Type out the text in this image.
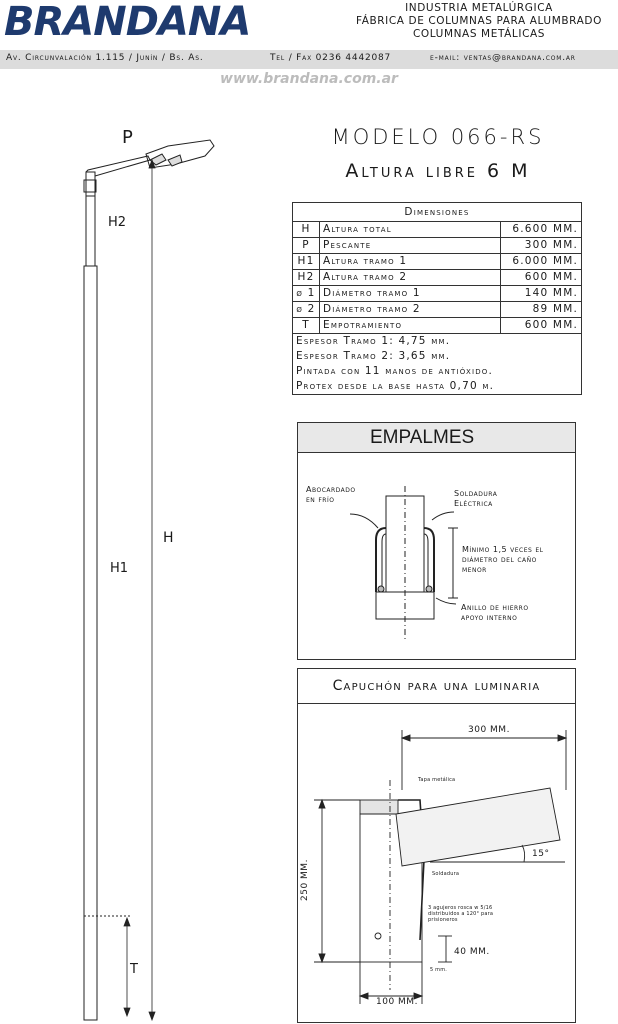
BRANDANA	INDUSTRIA METALÚRGICA
FÁBRICA DE COLUMNAS PARA ALUMBRADO
COLUMNAS METÁLICAS
Av. Circunvalación 1.115 / Junín / Bs. As.	Tel / Fax 0236 4442087	e-mail: ventas@brandana.com.ar
www.brandana.com.ar
P
H2
H
H1
T
MODELO 066-RS
Altura libre 6 M
Dimensiones		
H	Altura total	6.600 MM.
P	Pescante	300 MM.
H1	Altura tramo 1	6.000 MM.
H2	Altura tramo 2	600 MM.
ø 1	Diámetro tramo 1	140 MM.
ø 2	Diámetro tramo 2	89 MM.
T	Empotramiento	600 MM.
Espesor Tramo 1: 4,75 mm.		
Espesor Tramo 2: 3,65 mm.		
Pintada con 11 manos de antióxido.		
Protex desde la base hasta 0,70 m.		
EMPALMES
Abocardado
en frío
Soldadura
Eléctrica
Mínimo 1,5 veces el
diámetro del caño
menor
Anillo de hierro
apoyo interno
Capuchón para una luminaria
300 MM.
250 MM.
100 MM.
40 MM.
15°
Tapa metálica
Soldadura
3 agujeros rosca w 5/16
distribuidos a 120° para
prisioneros
5 mm.
